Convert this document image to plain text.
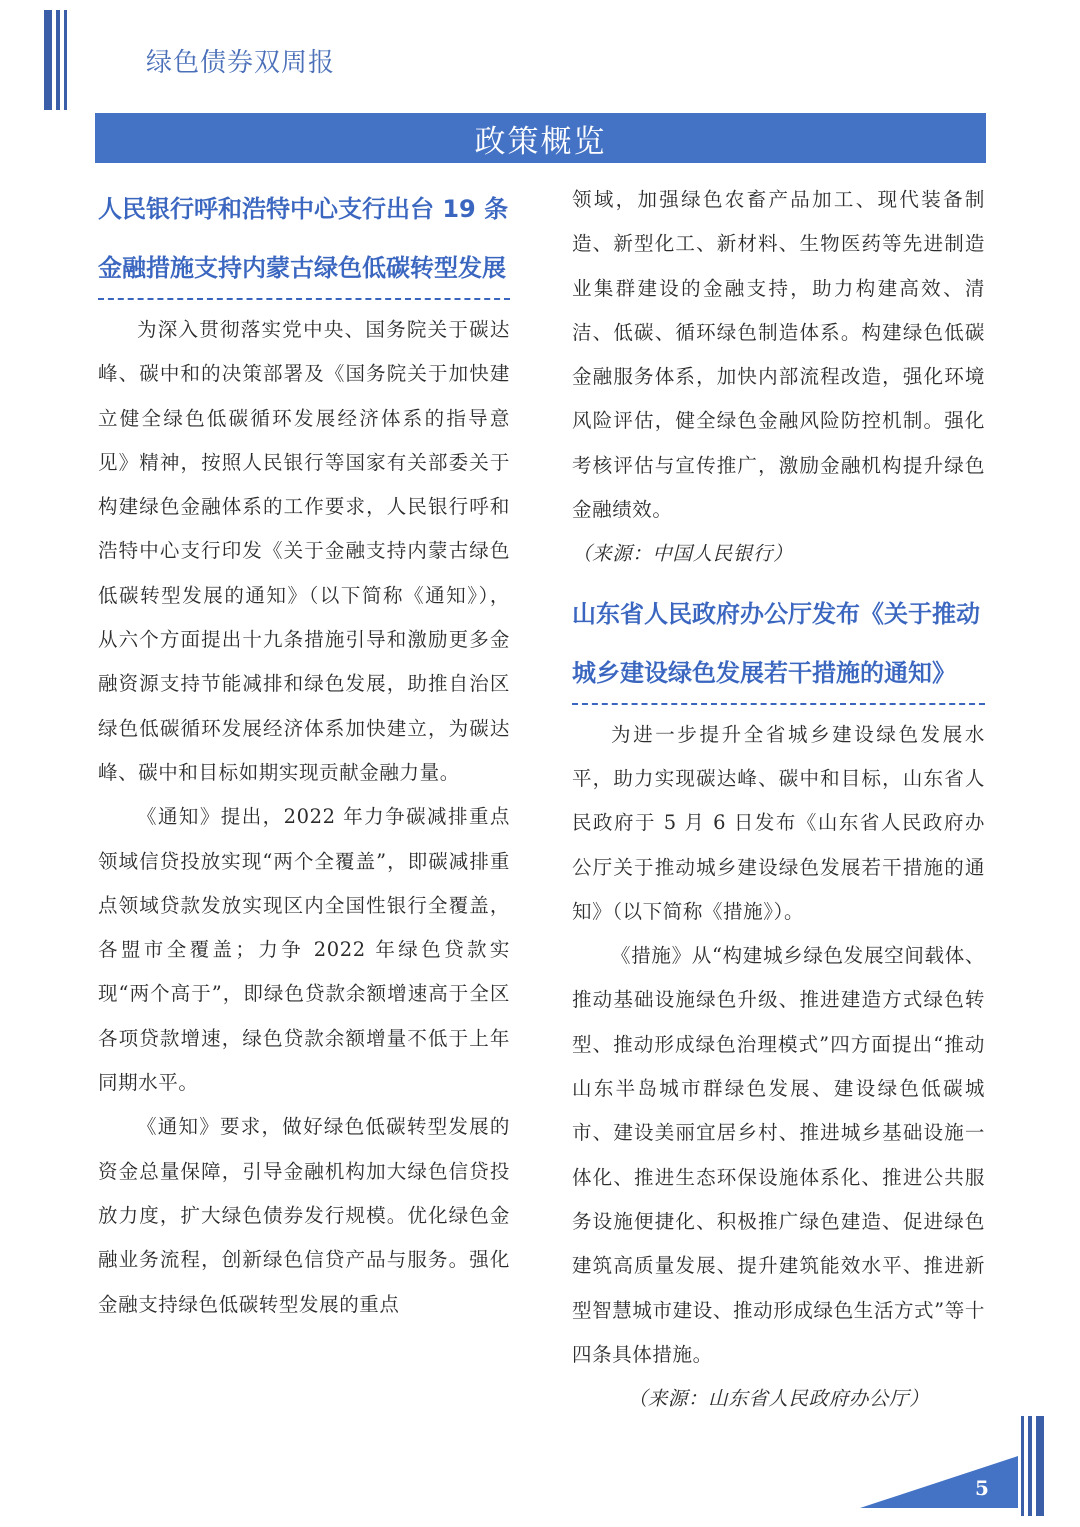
绿色债券双周报
政策概览
人民银行呼和浩特中心支行出台 19 条金融措施支持内蒙古绿色低碳转型发展

为深入贯彻落实党中央、国务院关于碳达峰、碳中和的决策部署及《国务院关于加快建立健全绿色低碳循环发展经济体系的指导意见》精神，按照人民银行等国家有关部委关于构建绿色金融体系的工作要求，人民银行呼和浩特中心支行印发《关于金融支持内蒙古绿色低碳转型发展的通知》（以下简称《通知》），从六个方面提出十九条措施引导和激励更多金融资源支持节能减排和绿色发展，助推自治区绿色低碳循环发展经济体系加快建立，为碳达峰、碳中和目标如期实现贡献金融力量。

《通知》提出，2022 年力争碳减排重点领域信贷投放实现“两个全覆盖”，即碳减排重点领域贷款发放实现区内全国性银行全覆盖，各盟市全覆盖；力争 2022 年绿色贷款实现“两个高于”，即绿色贷款余额增速高于全区各项贷款增速，绿色贷款余额增量不低于上年同期水平。

《通知》要求，做好绿色低碳转型发展的资金总量保障，引导金融机构加大绿色信贷投放力度，扩大绿色债券发行规模。优化绿色金融业务流程，创新绿色信贷产品与服务。强化金融支持绿色低碳转型发展的重点

领域，加强绿色农畜产品加工、现代装备制造、新型化工、新材料、生物医药等先进制造业集群建设的金融支持，助力构建高效、清洁、低碳、循环绿色制造体系。构建绿色低碳金融服务体系，加快内部流程改造，强化环境风险评估，健全绿色金融风险防控机制。强化考核评估与宣传推广，激励金融机构提升绿色金融绩效。

（来源：中国人民银行）

山东省人民政府办公厅发布《关于推动城乡建设绿色发展若干措施的通知》

为进一步提升全省城乡建设绿色发展水平，助力实现碳达峰、碳中和目标，山东省人民政府于 5 月 6 日发布《山东省人民政府办公厅关于推动城乡建设绿色发展若干措施的通知》（以下简称《措施》）。

《措施》从“构建城乡绿色发展空间载体、推动基础设施绿色升级、推进建造方式绿色转型、推动形成绿色治理模式”四方面提出“推动山东半岛城市群绿色发展、建设绿色低碳城市、建设美丽宜居乡村、推进城乡基础设施一体化、推进生态环保设施体系化、推进公共服务设施便捷化、积极推广绿色建造、促进绿色建筑高质量发展、提升建筑能效水平、推进新型智慧城市建设、推动形成绿色生活方式”等十四条具体措施。

（来源：山东省人民政府办公厅）

5
